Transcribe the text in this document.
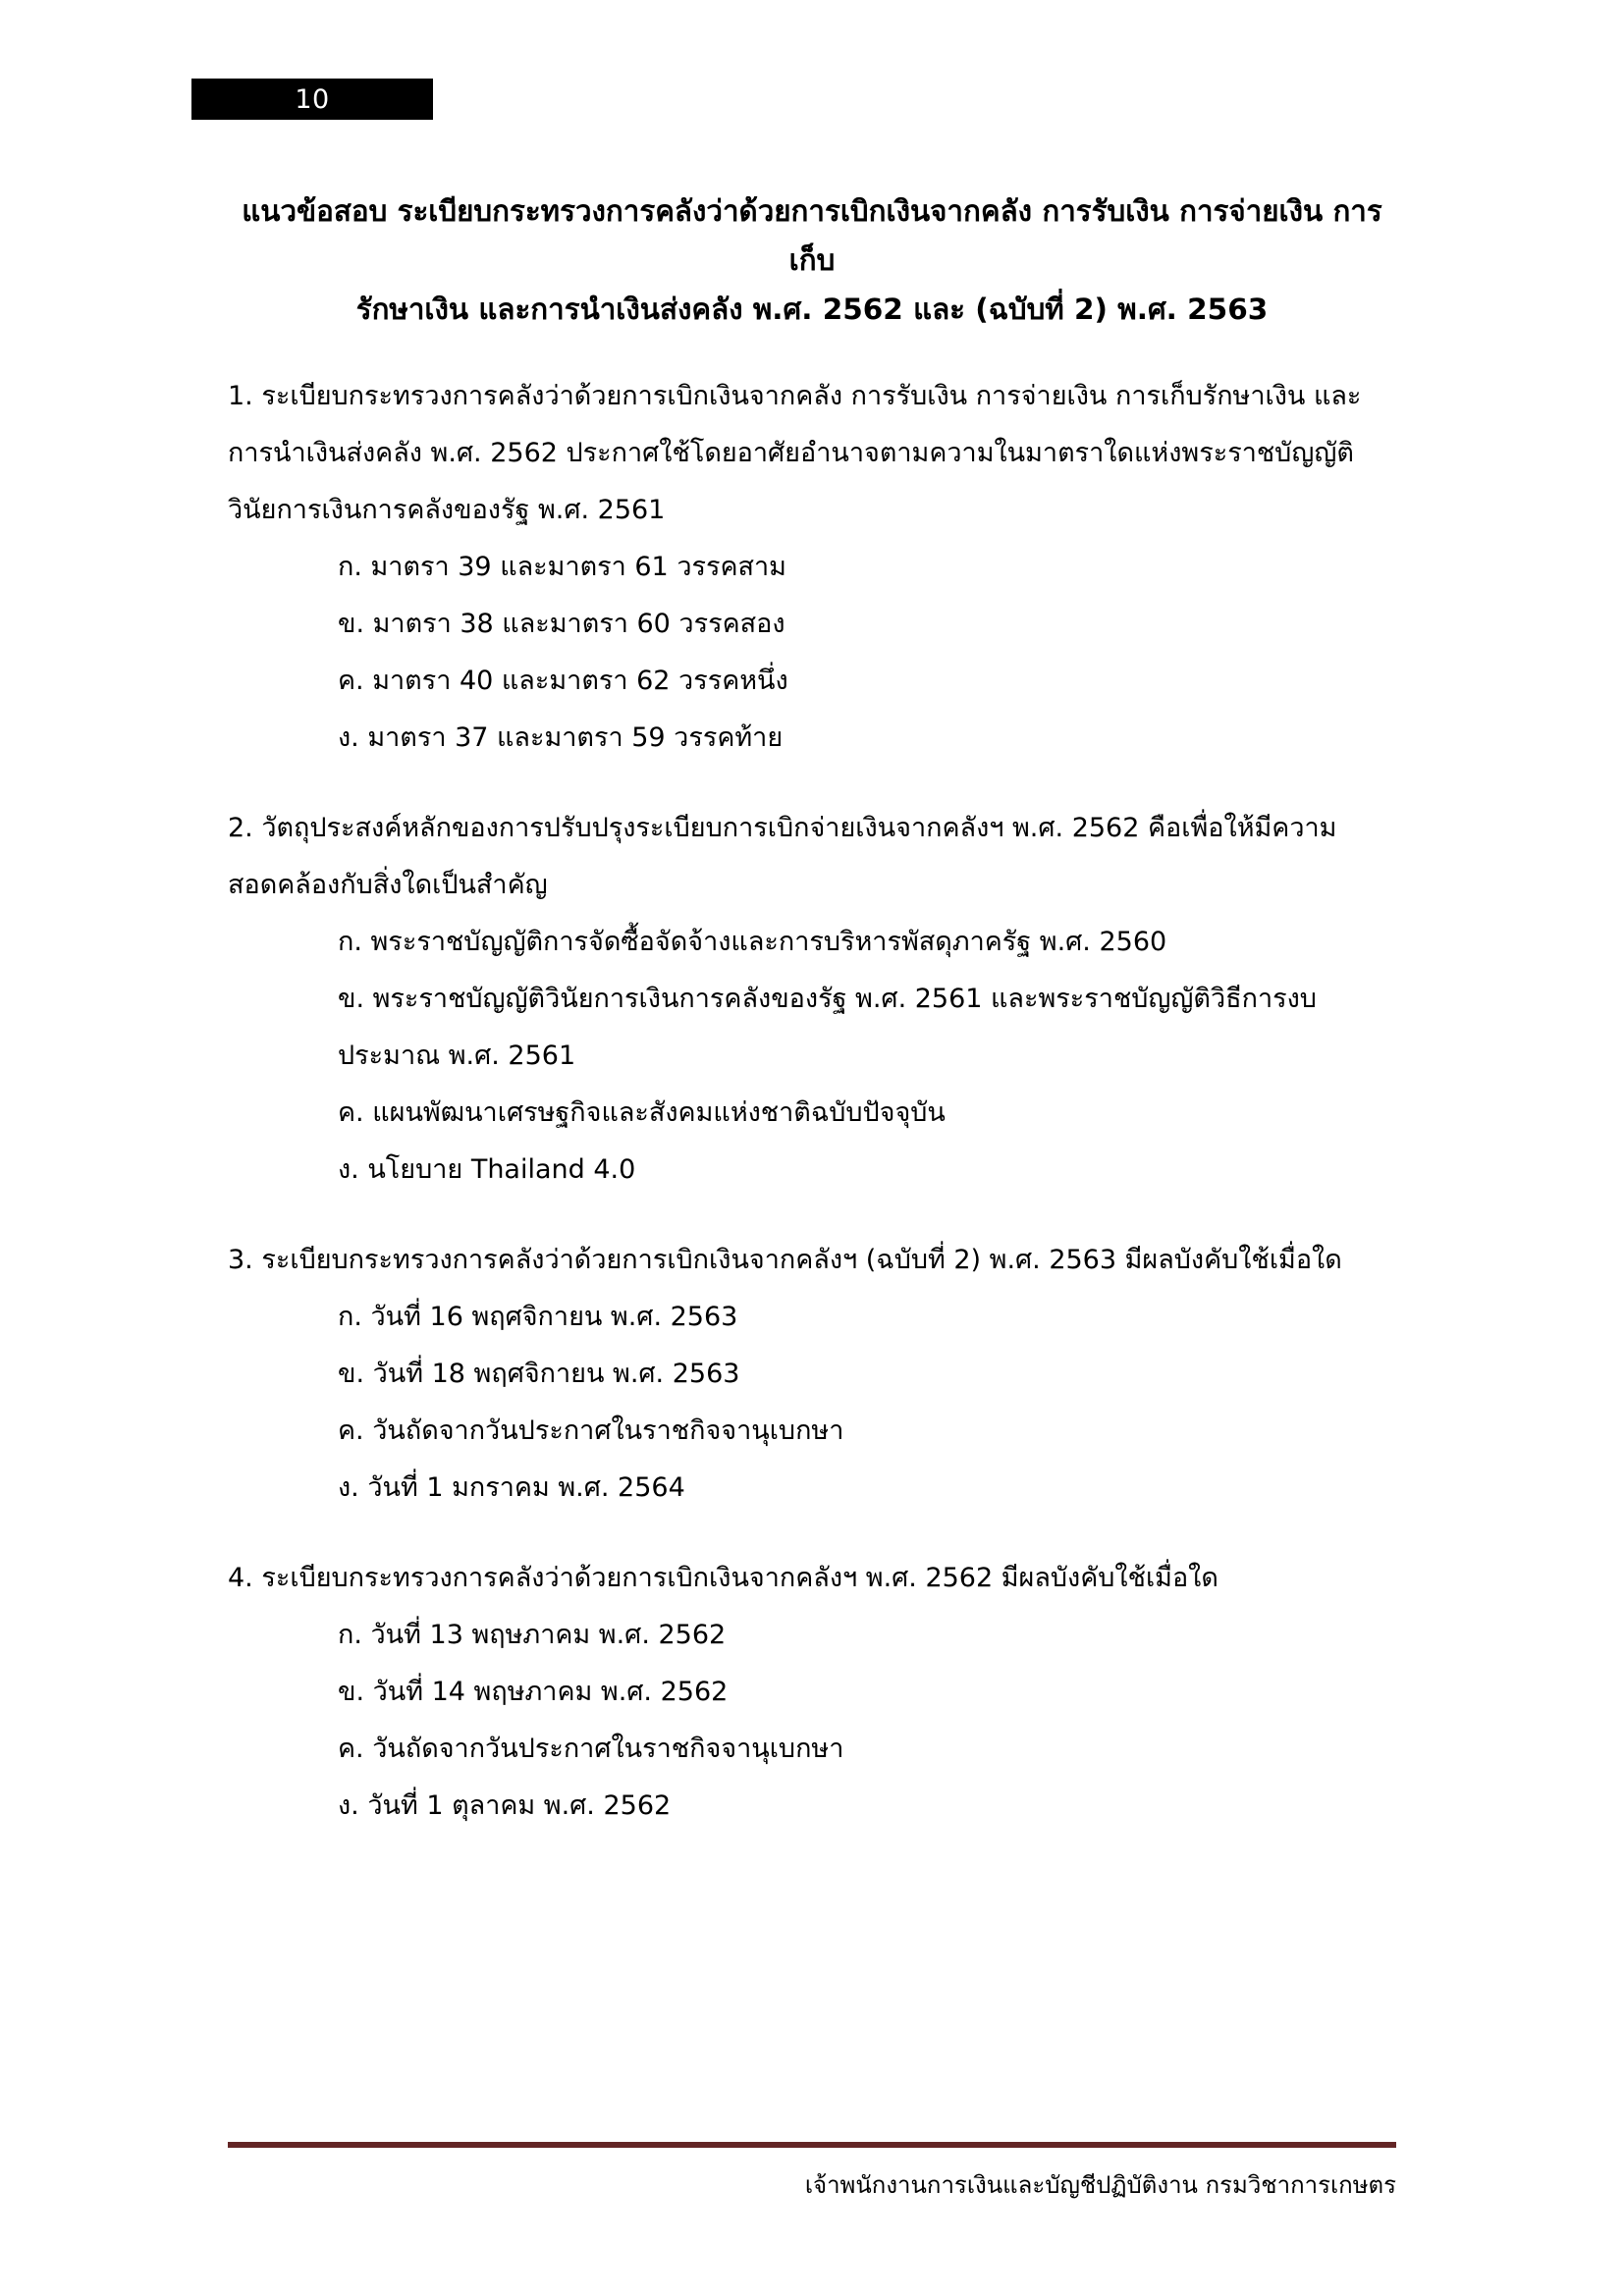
10
แนวข้อสอบ ระเบียบกระทรวงการคลังว่าด้วยการเบิกเงินจากคลัง การรับเงิน การจ่ายเงิน การเก็บ
รักษาเงิน และการนำเงินส่งคลัง พ.ศ. 2562 และ (ฉบับที่ 2) พ.ศ. 2563

1. ระเบียบกระทรวงการคลังว่าด้วยการเบิกเงินจากคลัง การรับเงิน การจ่ายเงิน การเก็บรักษาเงิน และการนำเงินส่งคลัง พ.ศ. 2562 ประกาศใช้โดยอาศัยอำนาจตามความในมาตราใดแห่งพระราชบัญญัติวินัยการเงินการคลังของรัฐ พ.ศ. 2561

ก. มาตรา 39 และมาตรา 61 วรรคสาม

ข. มาตรา 38 และมาตรา 60 วรรคสอง

ค. มาตรา 40 และมาตรา 62 วรรคหนึ่ง

ง. มาตรา 37 และมาตรา 59 วรรคท้าย

2. วัตถุประสงค์หลักของการปรับปรุงระเบียบการเบิกจ่ายเงินจากคลังฯ พ.ศ. 2562 คือเพื่อให้มีความสอดคล้องกับสิ่งใดเป็นสำคัญ

ก. พระราชบัญญัติการจัดซื้อจัดจ้างและการบริหารพัสดุภาครัฐ พ.ศ. 2560

ข. พระราชบัญญัติวินัยการเงินการคลังของรัฐ พ.ศ. 2561 และพระราชบัญญัติวิธีการงบประมาณ พ.ศ. 2561

ค. แผนพัฒนาเศรษฐกิจและสังคมแห่งชาติฉบับปัจจุบัน

ง. นโยบาย Thailand 4.0

3. ระเบียบกระทรวงการคลังว่าด้วยการเบิกเงินจากคลังฯ (ฉบับที่ 2) พ.ศ. 2563 มีผลบังคับใช้เมื่อใด

ก. วันที่ 16 พฤศจิกายน พ.ศ. 2563

ข. วันที่ 18 พฤศจิกายน พ.ศ. 2563

ค. วันถัดจากวันประกาศในราชกิจจานุเบกษา

ง. วันที่ 1 มกราคม พ.ศ. 2564

4. ระเบียบกระทรวงการคลังว่าด้วยการเบิกเงินจากคลังฯ พ.ศ. 2562 มีผลบังคับใช้เมื่อใด

ก. วันที่ 13 พฤษภาคม พ.ศ. 2562

ข. วันที่ 14 พฤษภาคม พ.ศ. 2562

ค. วันถัดจากวันประกาศในราชกิจจานุเบกษา

ง. วันที่ 1 ตุลาคม พ.ศ. 2562

เจ้าพนักงานการเงินและบัญชีปฏิบัติงาน กรมวิชาการเกษตร
